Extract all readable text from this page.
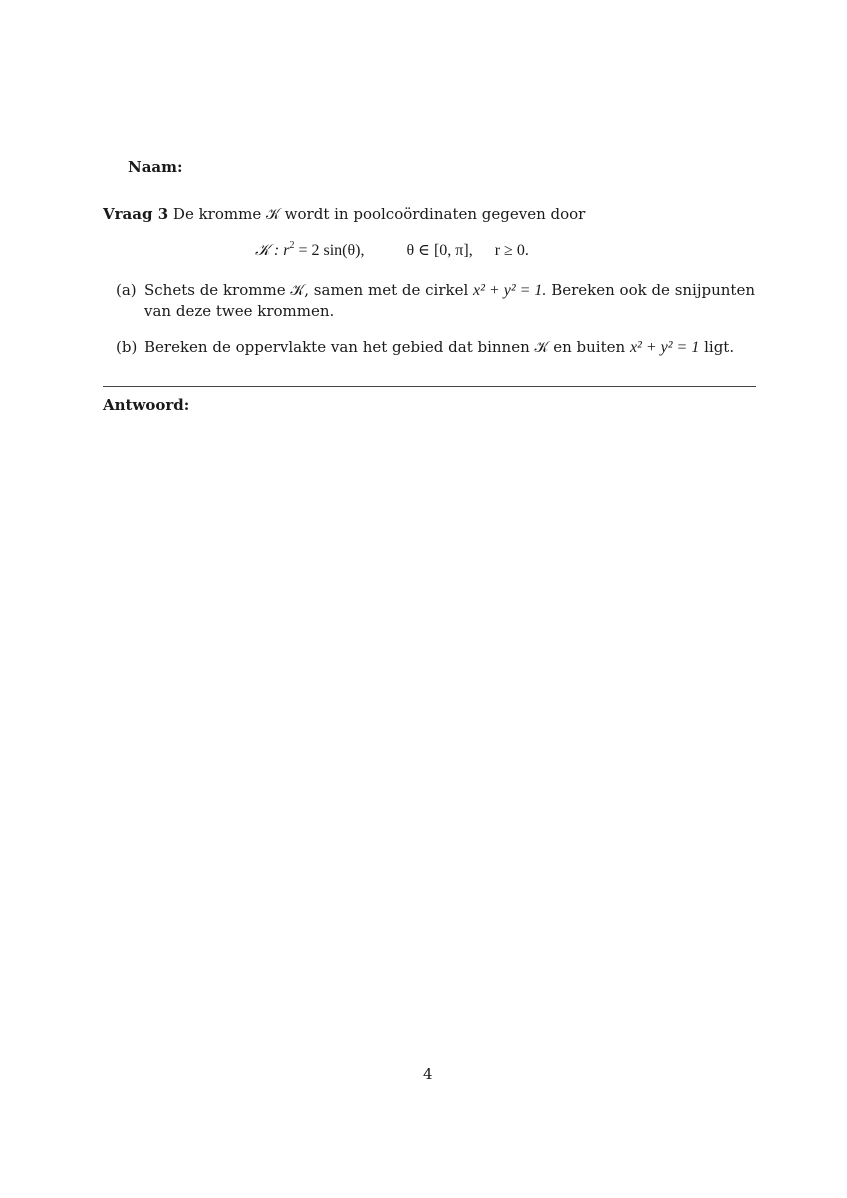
Naam:
Vraag 3 De kromme 𝒦 wordt in poolcoördinaten gegeven door
𝒦 : $r^2 = 2$ sin(θ),	θ ∈ [0, π], r ≥ 0.
(a) Schets de kromme 𝒦, samen met de cirkel x² + y² = 1. Bereken ook de snijpunten
van deze twee krommen.
(b) Bereken de oppervlakte van het gebied dat binnen 𝒦 en buiten x² + y² = 1 ligt.
Antwoord:
4
